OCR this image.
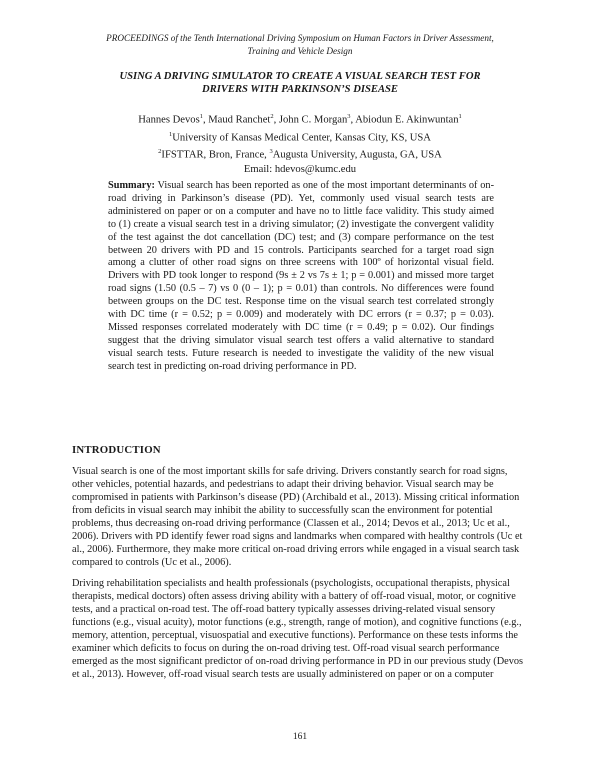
PROCEEDINGS of the Tenth International Driving Symposium on Human Factors in Driver Assessment,
Training and Vehicle Design
USING A DRIVING SIMULATOR TO CREATE A VISUAL SEARCH TEST FOR
DRIVERS WITH PARKINSON’S DISEASE
Hannes Devos$^1$, Maud Ranchet$^2$, John C. Morgan$^3$, Abiodun E. Akinwuntan$^1$
$^1$University of Kansas Medical Center, Kansas City, KS, USA
$^2$IFSTTAR, Bron, France, $^3$Augusta University, Augusta, GA, USA
Email: hdevos@kumc.edu
Summary: Visual search has been reported as one of the most important determinants of on-road driving in Parkinson’s disease (PD). Yet, commonly used visual search tests are administered on paper or on a computer and have no to little face validity. This study aimed to (1) create a visual search test in a driving simulator; (2) investigate the convergent validity of the test against the dot cancellation (DC) test; and (3) compare performance on the test between 20 drivers with PD and 15 controls. Participants searched for a target road sign among a clutter of other road signs on three screens with 100º of horizontal visual field. Drivers with PD took longer to respond (9s ± 2 vs 7s ± 1; p = 0.001) and missed more target road signs (1.50 (0.5 – 7) vs 0 (0 – 1); p = 0.01) than controls. No differences were found between groups on the DC test. Response time on the visual search test correlated strongly with DC time (r = 0.52; p = 0.009) and moderately with DC errors (r = 0.37; p = 0.03). Missed responses correlated moderately with DC time (r = 0.49; p = 0.02). Our findings suggest that the driving simulator visual search test offers a valid alternative to standard visual search tests. Future research is needed to investigate the validity of the new visual search test in predicting on-road driving performance in PD.
INTRODUCTION

Visual search is one of the most important skills for safe driving. Drivers constantly search for road signs, other vehicles, potential hazards, and pedestrians to adapt their driving behavior. Visual search may be compromised in patients with Parkinson’s disease (PD) (Archibald et al., 2013). Missing critical information from deficits in visual search may inhibit the ability to successfully scan the environment for potential problems, thus decreasing on-road driving performance (Classen et al., 2014; Devos et al., 2013; Uc et al., 2006). Drivers with PD identify fewer road signs and landmarks when compared with healthy controls (Uc et al., 2006). Furthermore, they make more critical on-road driving errors while engaged in a visual search task compared to controls (Uc et al., 2006).

Driving rehabilitation specialists and health professionals (psychologists, occupational therapists, physical therapists, medical doctors) often assess driving ability with a battery of off-road visual, motor, or cognitive tests, and a practical on-road test. The off-road battery typically assesses driving-related visual sensory functions (e.g., visual acuity), motor functions (e.g., strength, range of motion), and cognitive functions (e.g., memory, attention, perceptual, visuospatial and executive functions). Performance on these tests informs the examiner which deficits to focus on during the on-road driving test. Off-road visual search performance emerged as the most significant predictor of on-road driving performance in PD in our previous study (Devos et al., 2013). However, off-road visual search tests are usually administered on paper or on a computer

161
